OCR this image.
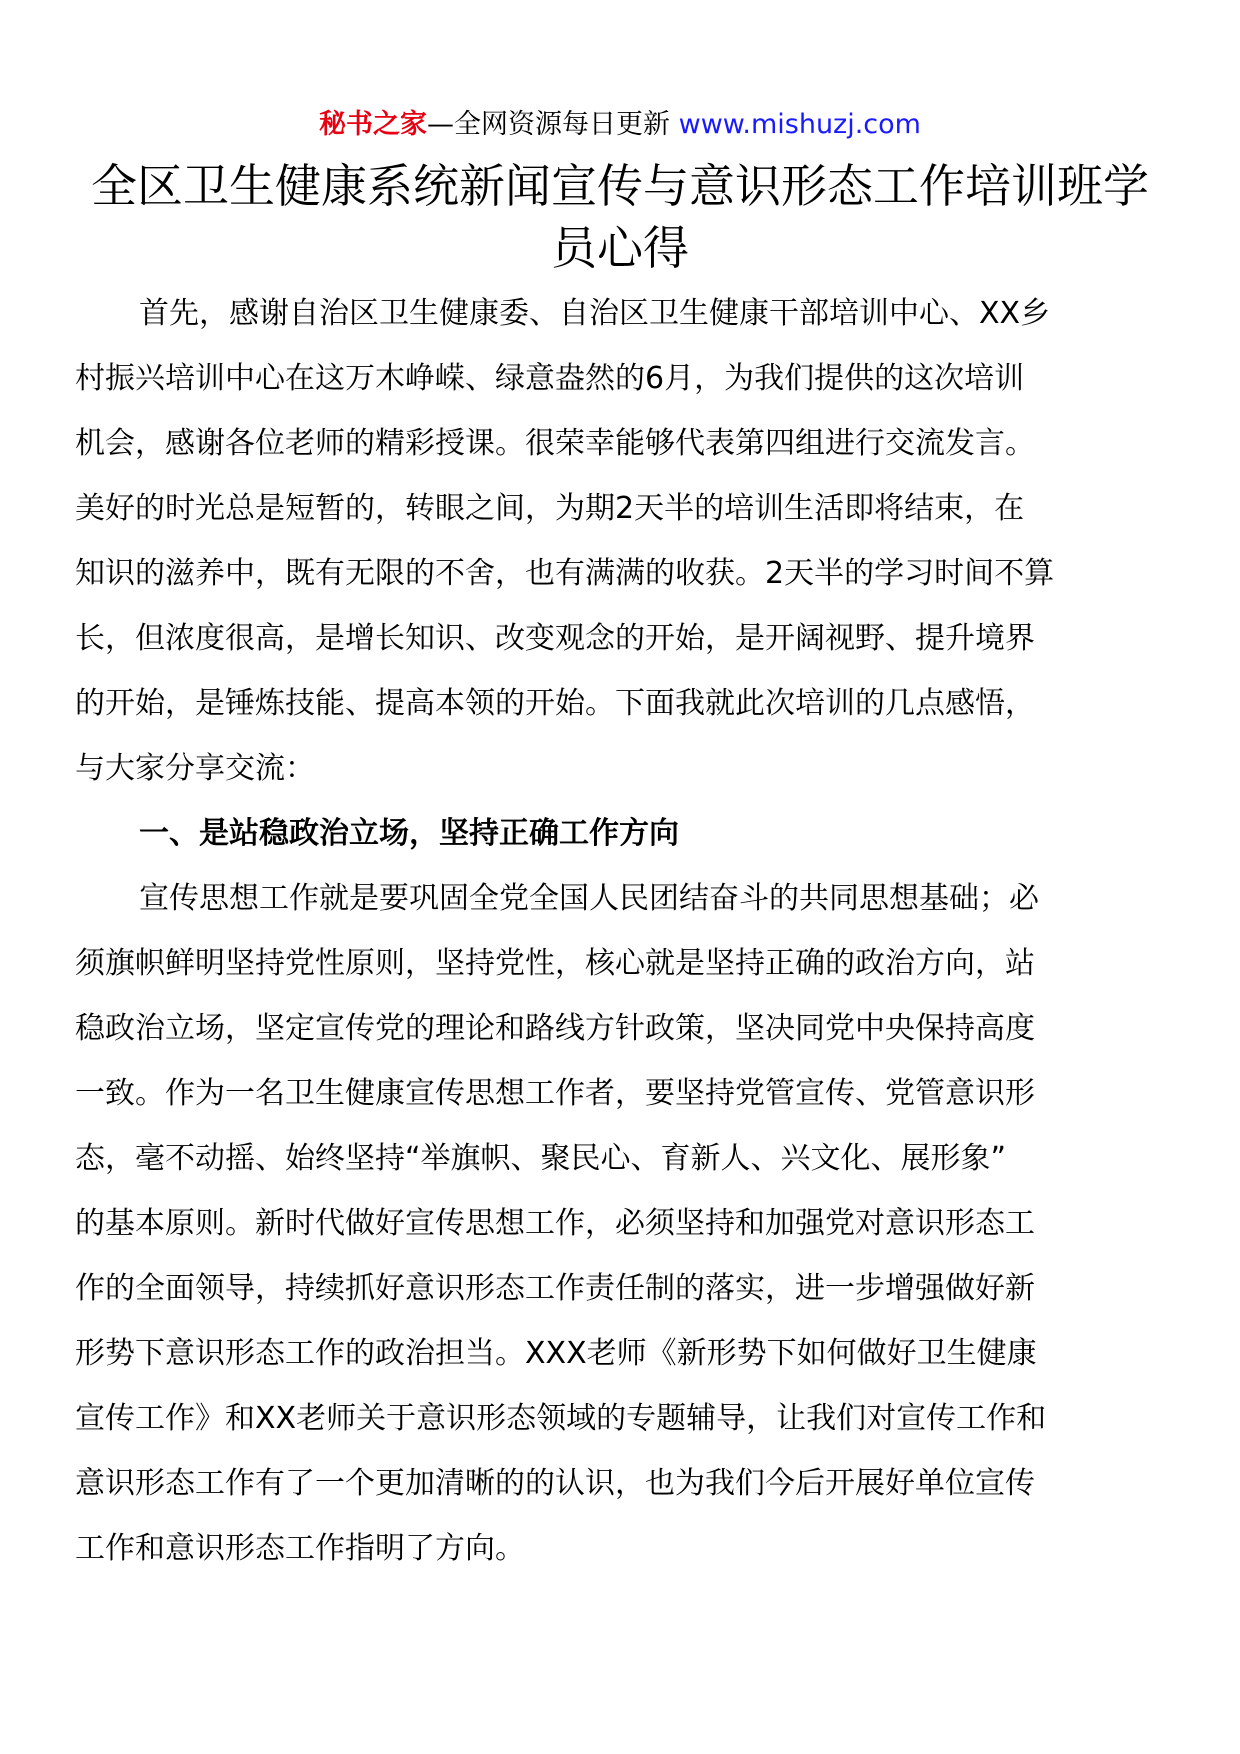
秘书之家—全网资源每日更新 www.mishuzj.com
全区卫生健康系统新闻宣传与意识形态工作培训班学
员心得
首先，感谢自治区卫生健康委、自治区卫生健康干部培训中心、XX乡
村振兴培训中心在这万木峥嵘、绿意盎然的6月，为我们提供的这次培训
机会，感谢各位老师的精彩授课。很荣幸能够代表第四组进行交流发言。
美好的时光总是短暂的，转眼之间，为期2天半的培训生活即将结束，在
知识的滋养中，既有无限的不舍，也有满满的收获。2天半的学习时间不算
长，但浓度很高，是增长知识、改变观念的开始，是开阔视野、提升境界
的开始，是锤炼技能、提高本领的开始。下面我就此次培训的几点感悟，
与大家分享交流：
一、是站稳政治立场，坚持正确工作方向
宣传思想工作就是要巩固全党全国人民团结奋斗的共同思想基础；必
须旗帜鲜明坚持党性原则，坚持党性，核心就是坚持正确的政治方向，站
稳政治立场，坚定宣传党的理论和路线方针政策，坚决同党中央保持高度
一致。作为一名卫生健康宣传思想工作者，要坚持党管宣传、党管意识形
态，毫不动摇、始终坚持“举旗帜、聚民心、育新人、兴文化、展形象”
的基本原则。新时代做好宣传思想工作，必须坚持和加强党对意识形态工
作的全面领导，持续抓好意识形态工作责任制的落实，进一步增强做好新
形势下意识形态工作的政治担当。XXX老师《新形势下如何做好卫生健康
宣传工作》和XX老师关于意识形态领域的专题辅导，让我们对宣传工作和
意识形态工作有了一个更加清晰的的认识，也为我们今后开展好单位宣传
工作和意识形态工作指明了方向。
